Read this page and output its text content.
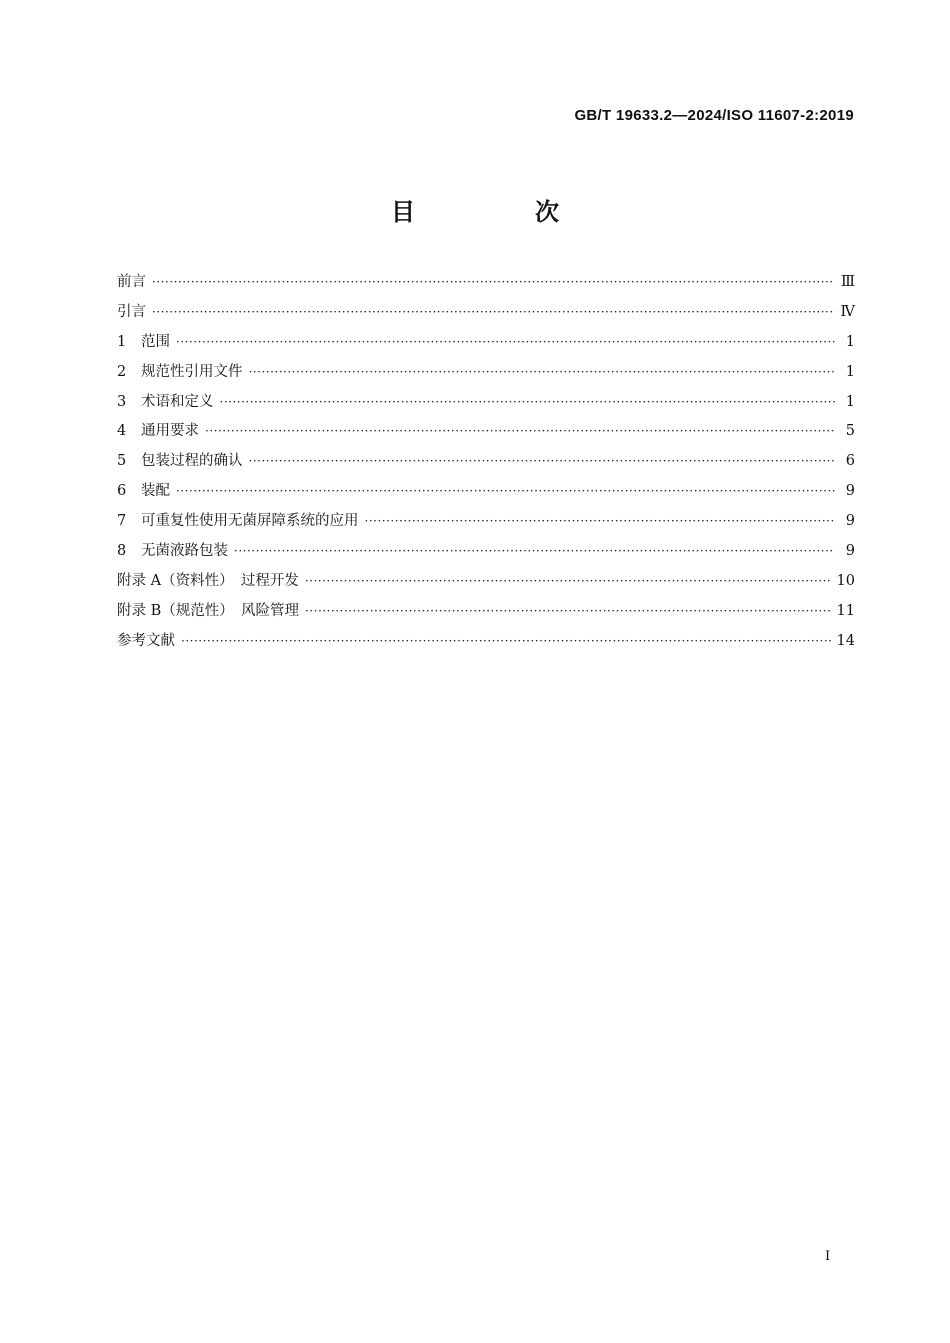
GB/T 19633.2—2024/ISO 11607-2:2019
目　次
前言 ·····	Ⅲ
引言 ·····	Ⅳ
1	范围 ·····	1
2	规范性引用文件 ·····	1
3	术语和定义 ·····	1
4	通用要求 ·····	5
5	包装过程的确认 ·····	6
6	装配 ·····	9
7	可重复性使用无菌屏障系统的应用 ·····	9
8	无菌液路包装 ·····	9
附录 A（资料性）　过程开发 ·····	10
附录 B（规范性）　风险管理 ·····	11
参考文献 ·····	14
I
